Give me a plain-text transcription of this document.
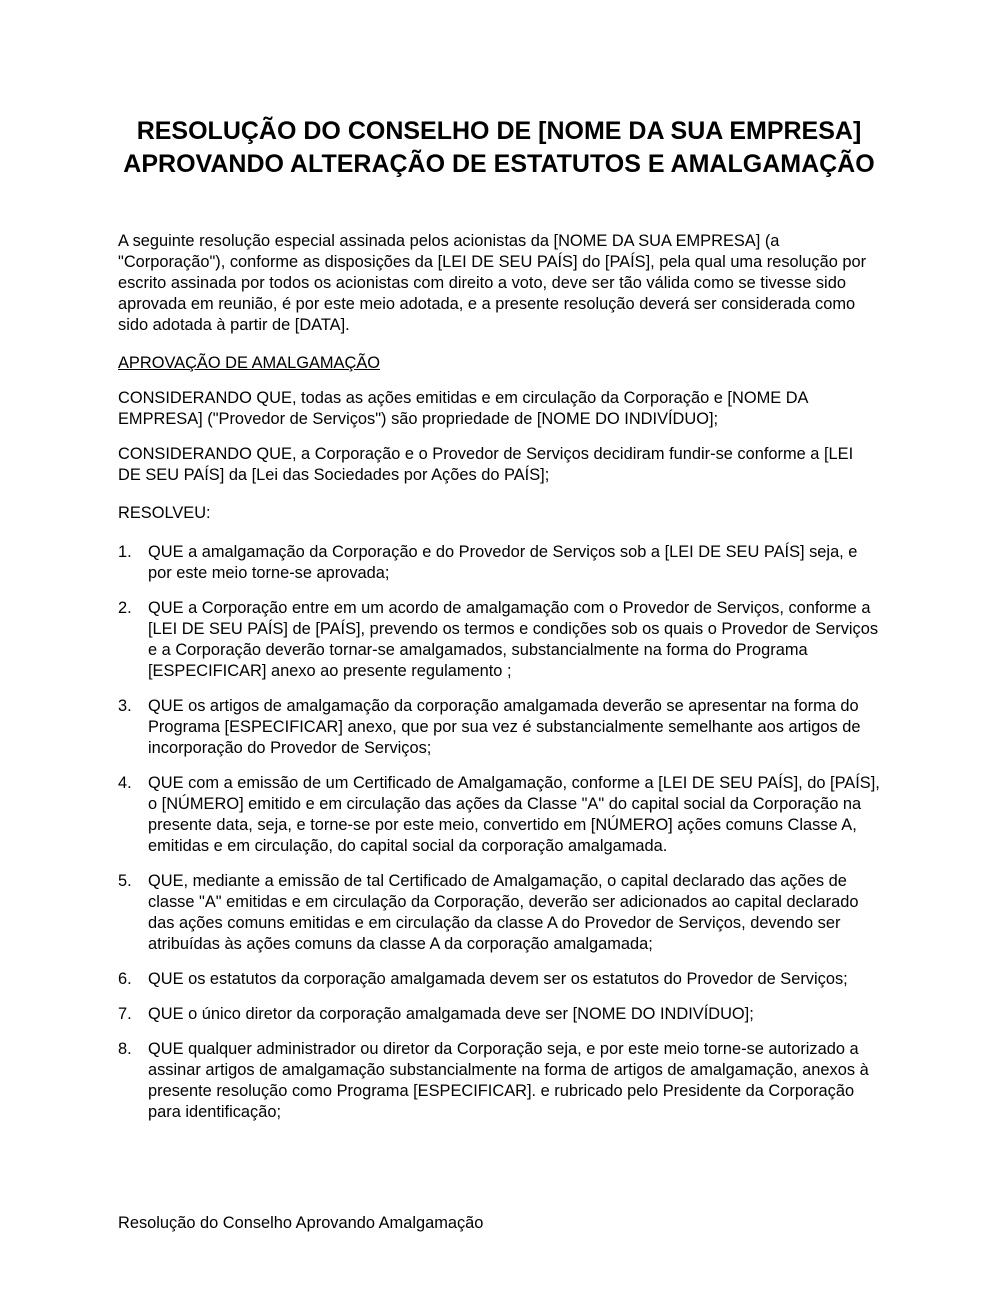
RESOLUÇÃO DO CONSELHO DE [NOME DA SUA EMPRESA] APROVANDO ALTERAÇÃO DE ESTATUTOS E AMALGAMAÇÃO

A seguinte resolução especial assinada pelos acionistas da [NOME DA SUA EMPRESA] (a "Corporação"), conforme as disposições da [LEI DE SEU PAÍS] do [PAÍS], pela qual uma resolução por escrito assinada por todos os acionistas com direito a voto, deve ser tão válida como se tivesse sido aprovada em reunião, é por este meio adotada, e a presente resolução deverá ser considerada como sido adotada à partir de [DATA].

APROVAÇÃO DE AMALGAMAÇÃO

CONSIDERANDO QUE, todas as ações emitidas e em circulação da Corporação e [NOME DA EMPRESA] ("Provedor de Serviços") são propriedade de [NOME DO INDIVÍDUO];

CONSIDERANDO QUE, a Corporação e o Provedor de Serviços decidiram fundir-se conforme a [LEI DE SEU PAÍS] da [Lei das Sociedades por Ações do PAÍS];

RESOLVEU:

1. QUE a amalgamação da Corporação e do Provedor de Serviços sob a [LEI DE SEU PAÍS] seja, e por este meio torne-se aprovada;
2. QUE a Corporação entre em um acordo de amalgamação com o Provedor de Serviços, conforme a [LEI DE SEU PAÍS] de [PAÍS], prevendo os termos e condições sob os quais o Provedor de Serviços e a Corporação deverão tornar-se amalgamados, substancialmente na forma do Programa [ESPECIFICAR] anexo ao presente regulamento ;
3. QUE os artigos de amalgamação da corporação amalgamada deverão se apresentar na forma do Programa [ESPECIFICAR] anexo, que por sua vez é substancialmente semelhante aos artigos de incorporação do Provedor de Serviços;
4. QUE com a emissão de um Certificado de Amalgamação, conforme a [LEI DE SEU PAÍS], do [PAÍS], o [NÚMERO] emitido e em circulação das ações da Classe "A" do capital social da Corporação na presente data, seja, e torne-se por este meio, convertido em [NÚMERO] ações comuns Classe A, emitidas e em circulação, do capital social da corporação amalgamada.
5. QUE, mediante a emissão de tal Certificado de Amalgamação, o capital declarado das ações de classe "A" emitidas e em circulação da Corporação, deverão ser adicionados ao capital declarado das ações comuns emitidas e em circulação da classe A do Provedor de Serviços, devendo ser atribuídas às ações comuns da classe A da corporação amalgamada;
6. QUE os estatutos da corporação amalgamada devem ser os estatutos do Provedor de Serviços;
7. QUE o único diretor da corporação amalgamada deve ser [NOME DO INDIVÍDUO];
8. QUE qualquer administrador ou diretor da Corporação seja, e por este meio torne-se autorizado a assinar artigos de amalgamação substancialmente na forma de artigos de amalgamação, anexos à presente resolução como Programa [ESPECIFICAR]. e rubricado pelo Presidente da Corporação para identificação;
Resolução do Conselho Aprovando Amalgamação
